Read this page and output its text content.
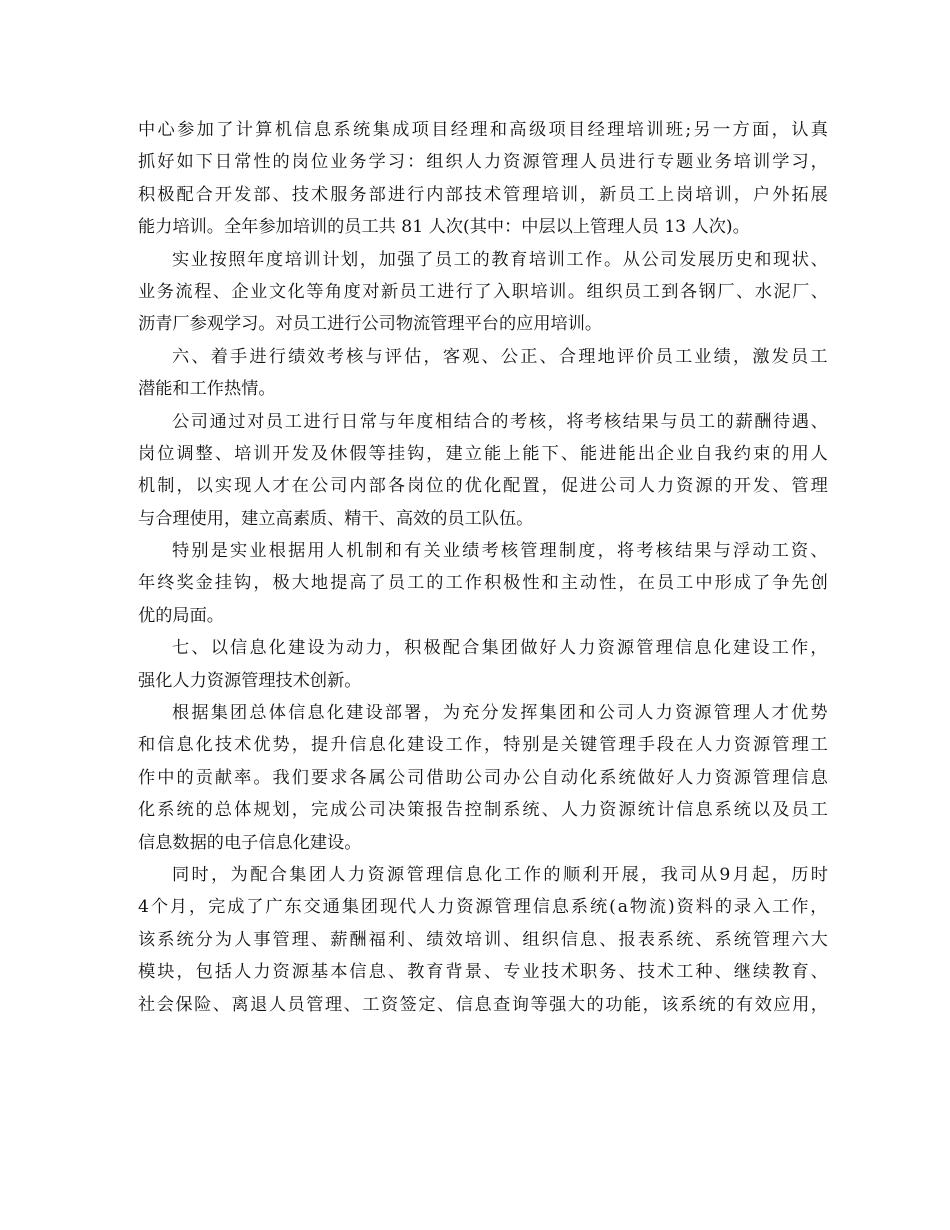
中 心 参 加 了 计 算 机 信 息 系 统 集 成 项 目 经 理 和 高 级 项 目 经 理 培 训 班 ; 另 一 方 面 ， 认 真
抓 好 如 下 日 常 性 的 岗 位 业 务 学 习 ： 组 织 人 力 资 源 管 理 人 员 进 行 专 题 业 务 培 训 学 习 ，
积 极 配 合 开 发 部 、 技 术 服 务 部 进 行 内 部 技 术 管 理 培 训 ， 新 员 工 上 岗 培 训 ， 户 外 拓 展
能力培训。全年参加培训的员工共 81 人次(其中：中层以上管理人员 13 人次)。
实 业 按 照 年 度 培 训 计 划 ， 加 强 了 员 工 的 教 育 培 训 工 作 。 从 公 司 发 展 历 史 和 现 状 、
业 务 流 程 、 企 业 文 化 等 角 度 对 新 员 工 进 行 了 入 职 培 训 。 组 织 员 工 到 各 钢 厂 、 水 泥 厂 、
沥青厂参观学习。对员工进行公司物流管理平台的应用培训。
六 、 着 手 进 行 绩 效 考 核 与 评 估 ， 客 观 、 公 正 、 合 理 地 评 价 员 工 业 绩 ， 激 发 员 工
潜能和工作热情。
公 司 通 过 对 员 工 进 行 日 常 与 年 度 相 结 合 的 考 核 ， 将 考 核 结 果 与 员 工 的 薪 酬 待 遇 、
岗 位 调 整 、 培 训 开 发 及 休 假 等 挂 钩 ， 建 立 能 上 能 下 、 能 进 能 出 企 业 自 我 约 束 的 用 人
机 制 ， 以 实 现 人 才 在 公 司 内 部 各 岗 位 的 优 化 配 置 ， 促 进 公 司 人 力 资 源 的 开 发 、 管 理
与合理使用，建立高素质、精干、高效的员工队伍。
特 别 是 实 业 根 据 用 人 机 制 和 有 关 业 绩 考 核 管 理 制 度 ， 将 考 核 结 果 与 浮 动 工 资 、
年 终 奖 金 挂 钩 ， 极 大 地 提 高 了 员 工 的 工 作 积 极 性 和 主 动 性 ， 在 员 工 中 形 成 了 争 先 创
优的局面。
七 、 以 信 息 化 建 设 为 动 力 ， 积 极 配 合 集 团 做 好 人 力 资 源 管 理 信 息 化 建 设 工 作 ，
强化人力资源管理技术创新。
根 据 集 团 总 体 信 息 化 建 设 部 署 ， 为 充 分 发 挥 集 团 和 公 司 人 力 资 源 管 理 人 才 优 势
和 信 息 化 技 术 优 势 ， 提 升 信 息 化 建 设 工 作 ， 特 别 是 关 键 管 理 手 段 在 人 力 资 源 管 理 工
作 中 的 贡 献 率 。 我 们 要 求 各 属 公 司 借 助 公 司 办 公 自 动 化 系 统 做 好 人 力 资 源 管 理 信 息
化 系 统 的 总 体 规 划 ， 完 成 公 司 决 策 报 告 控 制 系 统 、 人 力 资 源 统 计 信 息 系 统 以 及 员 工
信息数据的电子信息化建设。
同 时 ， 为 配 合 集 团 人 力 资 源 管 理 信 息 化 工 作 的 顺 利 开 展 ， 我 司 从 9 月 起 ， 历 时
4 个 月 ， 完 成 了 广 东 交 通 集 团 现 代 人 力 资 源 管 理 信 息 系 统 ( a 物 流 ) 资 料 的 录 入 工 作 ，
该 系 统 分 为 人 事 管 理 、 薪 酬 福 利 、 绩 效 培 训 、 组 织 信 息 、 报 表 系 统 、 系 统 管 理 六 大
模 块 ， 包 括 人 力 资 源 基 本 信 息 、 教 育 背 景 、 专 业 技 术 职 务 、 技 术 工 种 、 继 续 教 育 、
社 会 保 险 、 离 退 人 员 管 理 、 工 资 签 定 、 信 息 查 询 等 强 大 的 功 能 ， 该 系 统 的 有 效 应 用 ，
